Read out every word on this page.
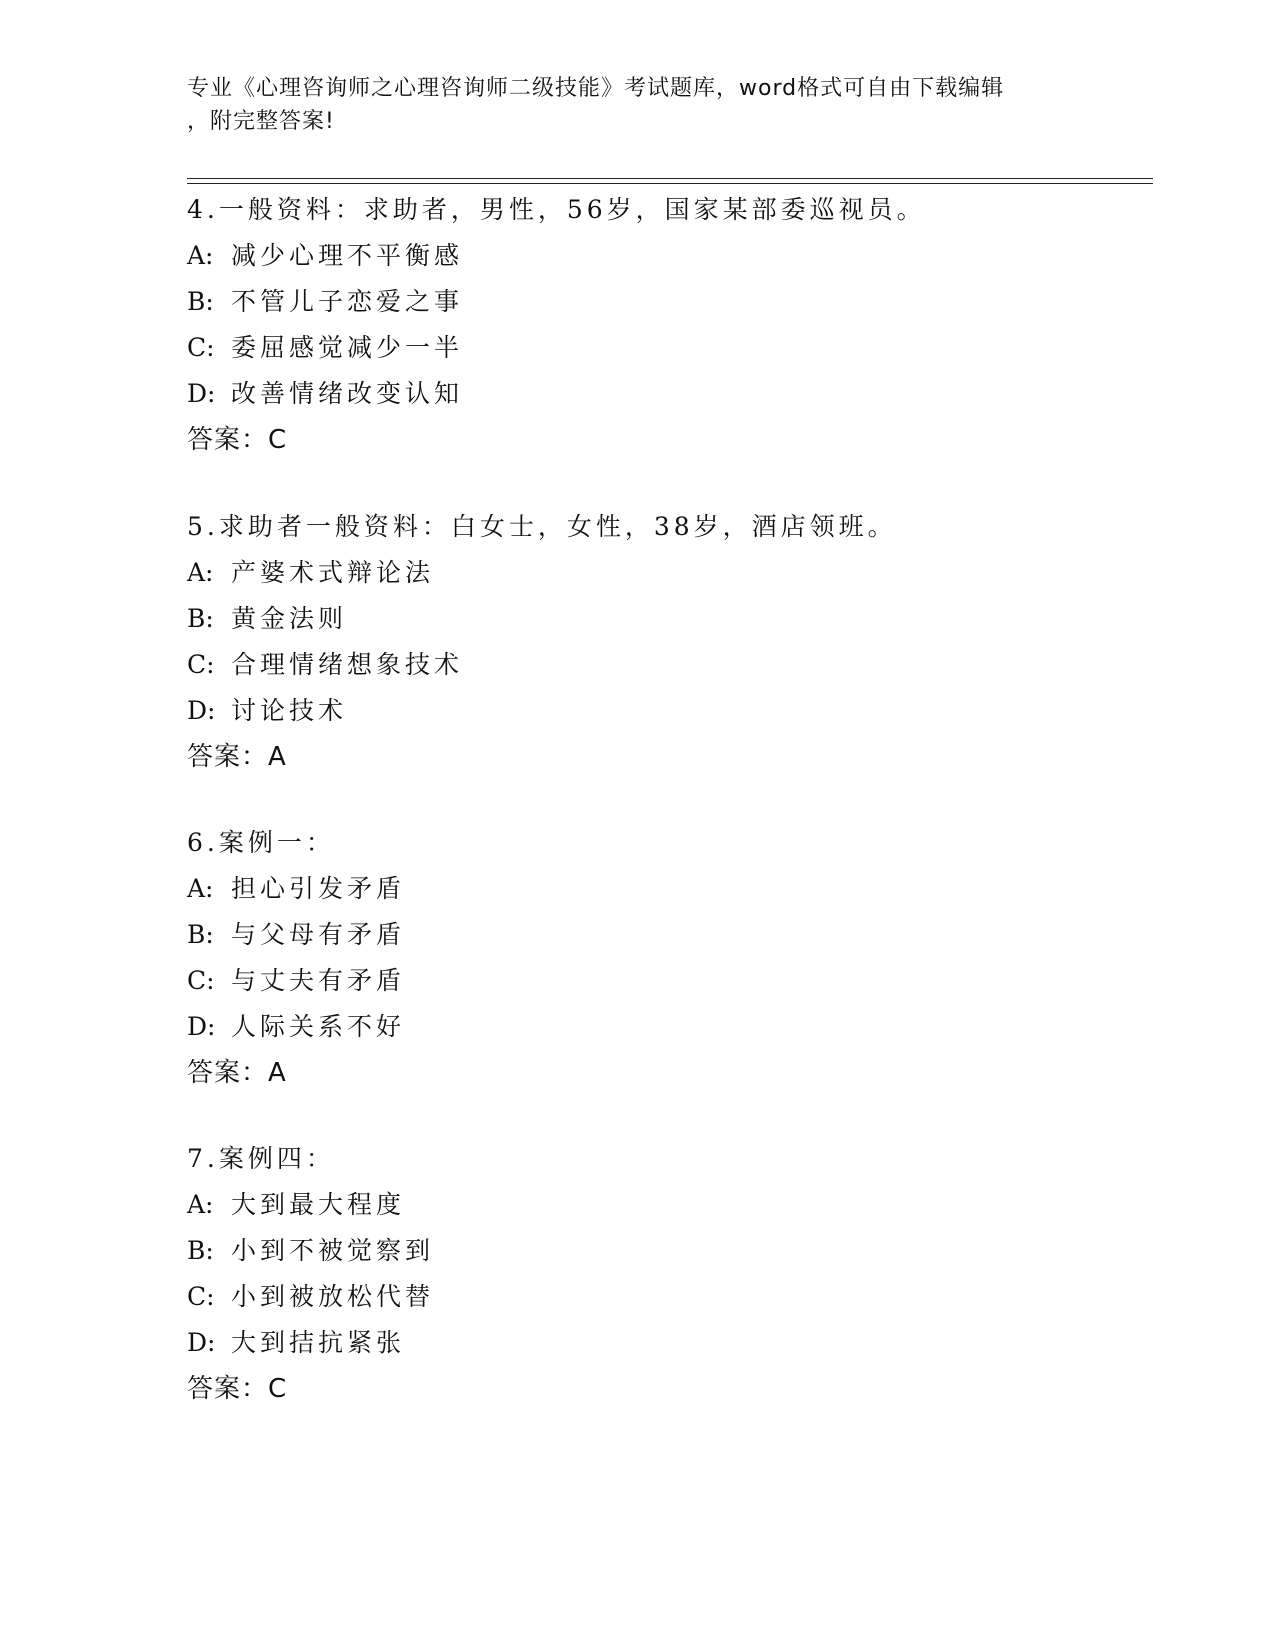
专业《心理咨询师之心理咨询师二级技能》考试题库，word格式可自由下载编辑
，附完整答案!
4.一般资料：求助者，男性，56岁，国家某部委巡视员。
A: 减少心理不平衡感
B: 不管儿子恋爱之事
C: 委屈感觉减少一半
D: 改善情绪改变认知
答案：C
5.求助者一般资料：白女士，女性，38岁，酒店领班。
A: 产婆术式辩论法
B: 黄金法则
C: 合理情绪想象技术
D: 讨论技术
答案：A
6.案例一：
A: 担心引发矛盾
B: 与父母有矛盾
C: 与丈夫有矛盾
D: 人际关系不好
答案：A
7.案例四：
A: 大到最大程度
B: 小到不被觉察到
C: 小到被放松代替
D: 大到拮抗紧张
答案：C
